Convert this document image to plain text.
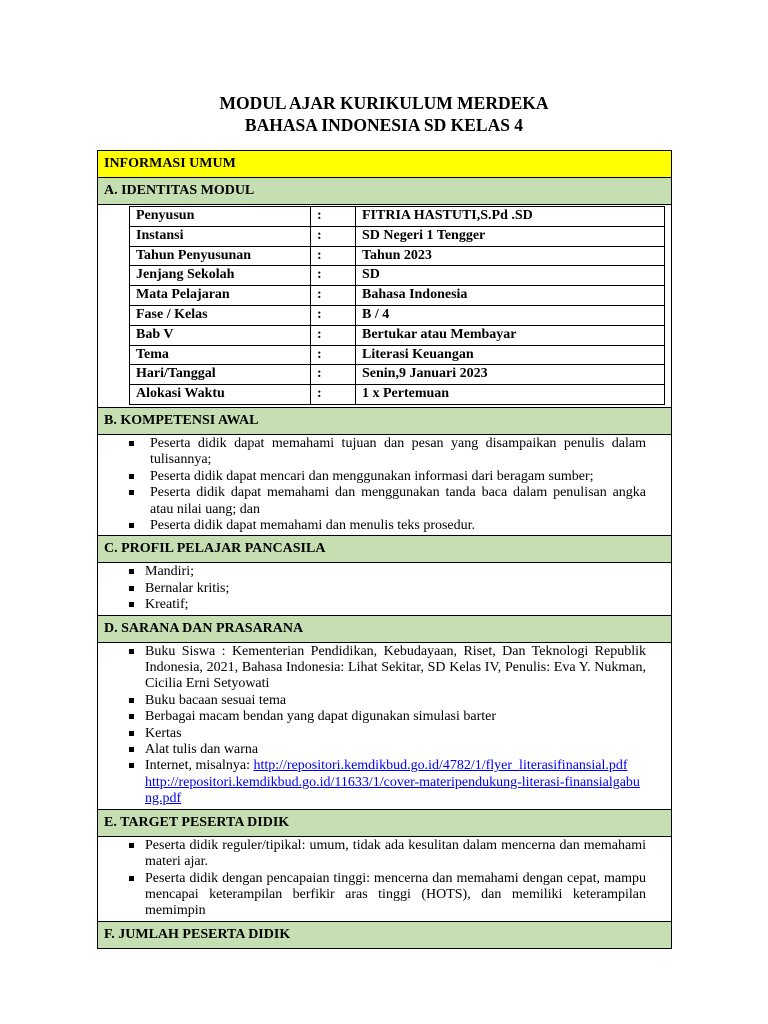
MODUL AJAR KURIKULUM MERDEKA
BAHASA INDONESIA SD KELAS 4
INFORMASI UMUM
A. IDENTITAS MODUL

Penyusun	:	FITRIA HASTUTI,S.Pd .SD
Instansi	:	SD Negeri 1 Tengger
Tahun Penyusunan	:	Tahun 2023
Jenjang Sekolah	:	SD
Mata Pelajaran	:	Bahasa Indonesia
Fase / Kelas	:	B / 4
Bab V	:	Bertukar atau Membayar
Tema	:	Literasi Keuangan
Hari/Tanggal	:	Senin,9 Januari 2023
Alokasi Waktu	:	1 x Pertemuan

B. KOMPETENSI AWAL

Peserta didik dapat memahami tujuan dan pesan yang disampaikan penulis dalam tulisannya;
Peserta didik dapat mencari dan menggunakan informasi dari beragam sumber;
Peserta didik dapat memahami dan menggunakan tanda baca dalam penulisan angka atau nilai uang; dan
Peserta didik dapat memahami dan menulis teks prosedur.

C. PROFIL PELAJAR PANCASILA

Mandiri;
Bernalar kritis;
Kreatif;

D. SARANA DAN PRASARANA

Buku Siswa : Kementerian Pendidikan, Kebudayaan, Riset, Dan Teknologi Republik Indonesia, 2021, Bahasa Indonesia: Lihat Sekitar, SD Kelas IV, Penulis: Eva Y. Nukman, Cicilia Erni Setyowati
Buku bacaan sesuai tema
Berbagai macam bendan yang dapat digunakan simulasi barter
Kertas
Alat tulis dan warna
Internet, misalnya: http://repositori.kemdikbud.go.id/4782/1/flyer_literasifinansial.pdf
http://repositori.kemdikbud.go.id/11633/1/cover-materipendukung-literasi-finansialgabung.pdf

E. TARGET PESERTA DIDIK

Peserta didik reguler/tipikal: umum, tidak ada kesulitan dalam mencerna dan memahami materi ajar.
Peserta didik dengan pencapaian tinggi: mencerna dan memahami dengan cepat, mampu mencapai keterampilan berfikir aras tinggi (HOTS), dan memiliki keterampilan memimpin

F. JUMLAH PESERTA DIDIK
